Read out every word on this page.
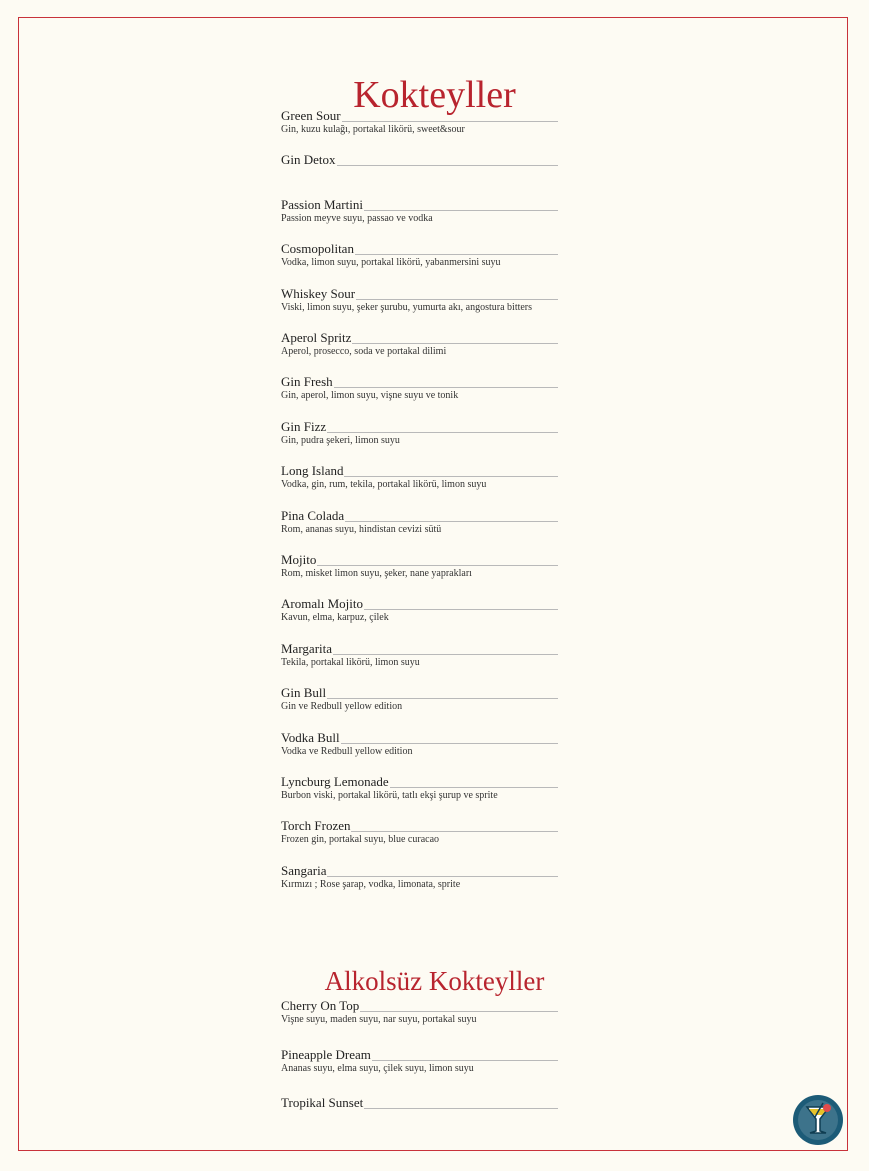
Kokteyller
Green Sour
Gin, kuzu kulağı, portakal likörü, sweet&sour
Gin Detox
Passion Martini
Passion meyve suyu, passao ve vodka
Cosmopolitan
Vodka, limon suyu, portakal likörü, yabanmersini suyu
Whiskey Sour
Viski, limon suyu, şeker şurubu, yumurta akı, angostura bitters
Aperol Spritz
Aperol, prosecco, soda ve portakal dilimi
Gin Fresh
Gin, aperol, limon suyu, vişne suyu ve tonik
Gin Fizz
Gin, pudra şekeri, limon suyu
Long Island
Vodka, gin, rum, tekila, portakal likörü, limon suyu
Pina Colada
Rom, ananas suyu, hindistan cevizi sütü
Mojito
Rom, misket limon suyu, şeker, nane yaprakları
Aromalı Mojito
Kavun, elma, karpuz, çilek
Margarita
Tekila, portakal likörü, limon suyu
Gin Bull
Gin ve Redbull yellow edition
Vodka Bull
Vodka ve Redbull yellow edition
Lyncburg Lemonade
Burbon viski, portakal likörü, tatlı ekşi şurup ve sprite
Torch Frozen
Frozen gin, portakal suyu, blue curacao
Sangaria
Kırmızı ; Rose şarap, vodka, limonata, sprite
Alkolsüz Kokteyller
Cherry On Top
Vişne suyu, maden suyu, nar suyu, portakal suyu
Pineapple Dream
Ananas suyu, elma suyu, çilek suyu, limon suyu
Tropikal Sunset
